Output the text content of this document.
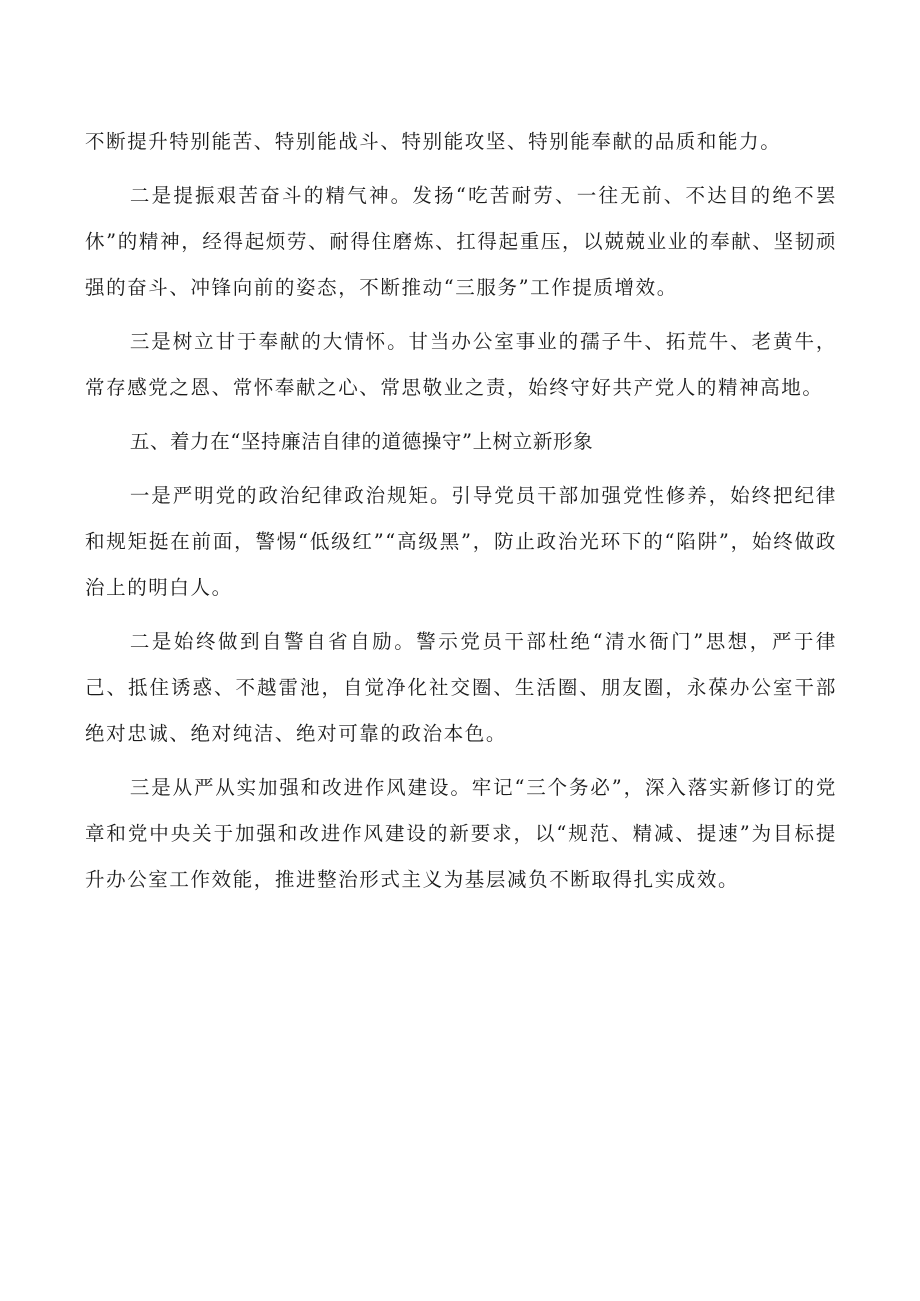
不断提升特别能苦、特别能战斗、特别能攻坚、特别能奉献的品质和能力。

二是提振艰苦奋斗的精气神。发扬“吃苦耐劳、一往无前、不达目的绝不罢休”的精神，经得起烦劳、耐得住磨炼、扛得起重压，以兢兢业业的奉献、坚韧顽强的奋斗、冲锋向前的姿态，不断推动“三服务”工作提质增效。

三是树立甘于奉献的大情怀。甘当办公室事业的孺子牛、拓荒牛、老黄牛，常存感党之恩、常怀奉献之心、常思敬业之责，始终守好共产党人的精神高地。

五、着力在“坚持廉洁自律的道德操守”上树立新形象

一是严明党的政治纪律政治规矩。引导党员干部加强党性修养，始终把纪律和规矩挺在前面，警惕“低级红”“高级黑”，防止政治光环下的“陷阱”，始终做政治上的明白人。

二是始终做到自警自省自励。警示党员干部杜绝“清水衙门”思想，严于律己、抵住诱惑、不越雷池，自觉净化社交圈、生活圈、朋友圈，永葆办公室干部绝对忠诚、绝对纯洁、绝对可靠的政治本色。

三是从严从实加强和改进作风建设。牢记“三个务必”，深入落实新修订的党章和党中央关于加强和改进作风建设的新要求，以“规范、精减、提速”为目标提升办公室工作效能，推进整治形式主义为基层减负不断取得扎实成效。
